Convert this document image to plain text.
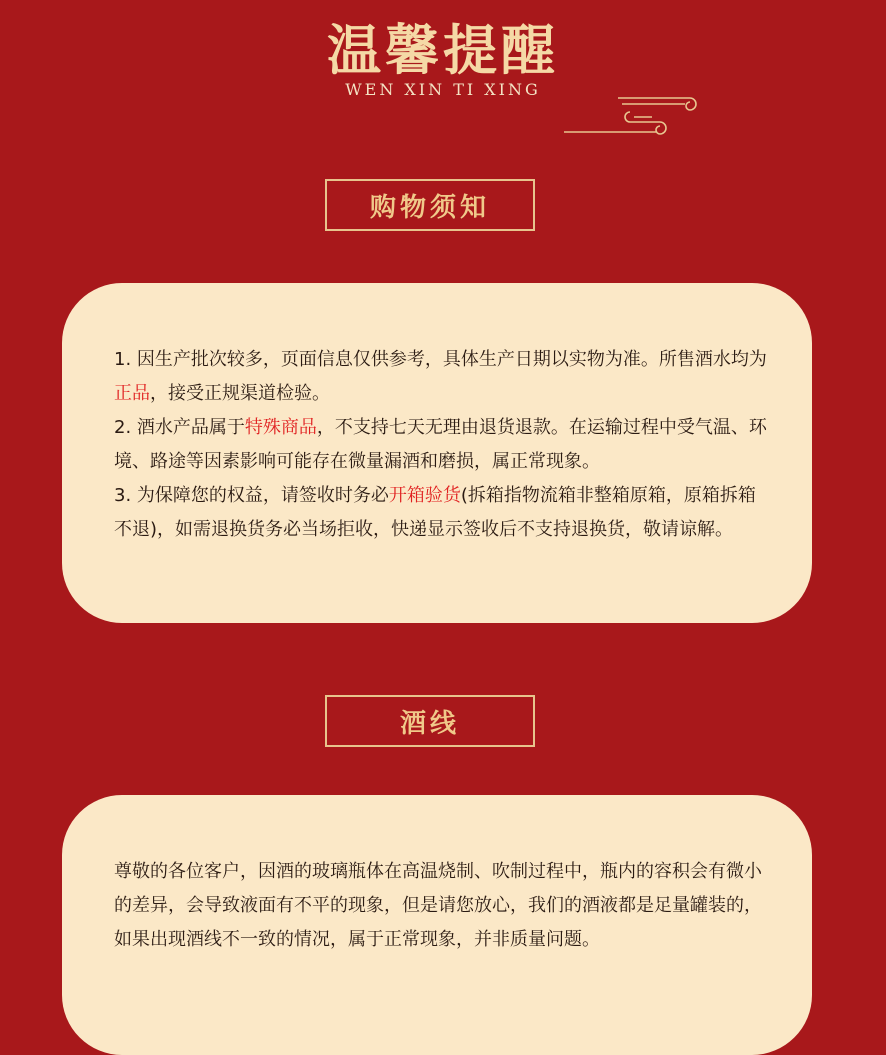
温馨提醒
WEN XIN TI XING
购物须知

1. 因生产批次较多，页面信息仅供参考，具体生产日期以实物为准。所售酒水均为正品，接受正规渠道检验。

2. 酒水产品属于特殊商品，不支持七天无理由退货退款。在运输过程中受气温、环境、路途等因素影响可能存在微量漏酒和磨损，属正常现象。

3. 为保障您的权益，请签收时务必开箱验货(拆箱指物流箱非整箱原箱，原箱拆箱不退)，如需退换货务必当场拒收，快递显示签收后不支持退换货，敬请谅解。

酒线

尊敬的各位客户，因酒的玻璃瓶体在高温烧制、吹制过程中，瓶内的容积会有微小的差异，会导致液面有不平的现象，但是请您放心，我们的酒液都是足量罐装的，如果出现酒线不一致的情况，属于正常现象，并非质量问题。
